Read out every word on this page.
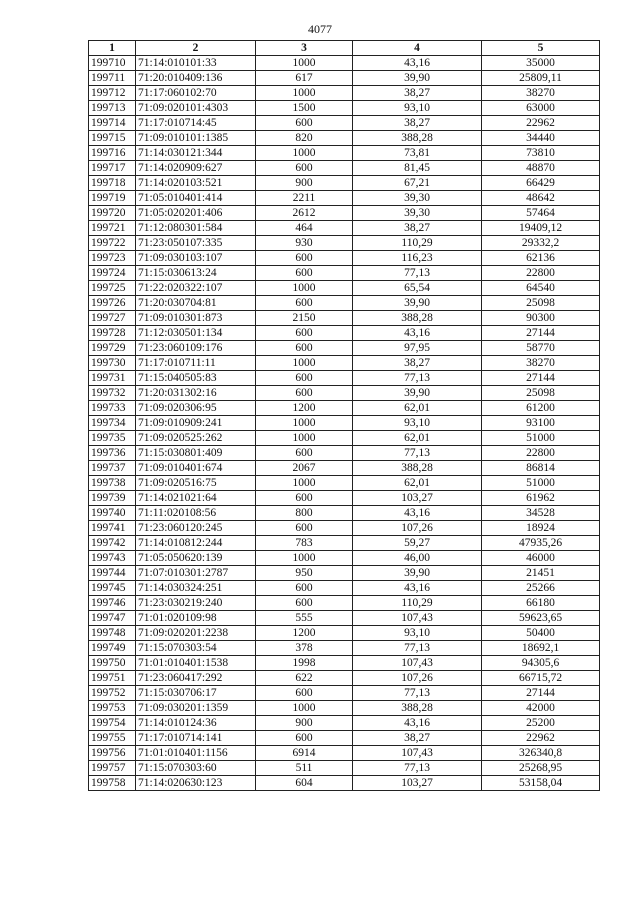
4077
1	2	3	4	5
199710	71:14:010101:33	1000	43,16	35000
199711	71:20:010409:136	617	39,90	25809,11
199712	71:17:060102:70	1000	38,27	38270
199713	71:09:020101:4303	1500	93,10	63000
199714	71:17:010714:45	600	38,27	22962
199715	71:09:010101:1385	820	388,28	34440
199716	71:14:030121:344	1000	73,81	73810
199717	71:14:020909:627	600	81,45	48870
199718	71:14:020103:521	900	67,21	66429
199719	71:05:010401:414	2211	39,30	48642
199720	71:05:020201:406	2612	39,30	57464
199721	71:12:080301:584	464	38,27	19409,12
199722	71:23:050107:335	930	110,29	29332,2
199723	71:09:030103:107	600	116,23	62136
199724	71:15:030613:24	600	77,13	22800
199725	71:22:020322:107	1000	65,54	64540
199726	71:20:030704:81	600	39,90	25098
199727	71:09:010301:873	2150	388,28	90300
199728	71:12:030501:134	600	43,16	27144
199729	71:23:060109:176	600	97,95	58770
199730	71:17:010711:11	1000	38,27	38270
199731	71:15:040505:83	600	77,13	27144
199732	71:20:031302:16	600	39,90	25098
199733	71:09:020306:95	1200	62,01	61200
199734	71:09:010909:241	1000	93,10	93100
199735	71:09:020525:262	1000	62,01	51000
199736	71:15:030801:409	600	77,13	22800
199737	71:09:010401:674	2067	388,28	86814
199738	71:09:020516:75	1000	62,01	51000
199739	71:14:021021:64	600	103,27	61962
199740	71:11:020108:56	800	43,16	34528
199741	71:23:060120:245	600	107,26	18924
199742	71:14:010812:244	783	59,27	47935,26
199743	71:05:050620:139	1000	46,00	46000
199744	71:07:010301:2787	950	39,90	21451
199745	71:14:030324:251	600	43,16	25266
199746	71:23:030219:240	600	110,29	66180
199747	71:01:020109:98	555	107,43	59623,65
199748	71:09:020201:2238	1200	93,10	50400
199749	71:15:070303:54	378	77,13	18692,1
199750	71:01:010401:1538	1998	107,43	94305,6
199751	71:23:060417:292	622	107,26	66715,72
199752	71:15:030706:17	600	77,13	27144
199753	71:09:030201:1359	1000	388,28	42000
199754	71:14:010124:36	900	43,16	25200
199755	71:17:010714:141	600	38,27	22962
199756	71:01:010401:1156	6914	107,43	326340,8
199757	71:15:070303:60	511	77,13	25268,95
199758	71:14:020630:123	604	103,27	53158,04
